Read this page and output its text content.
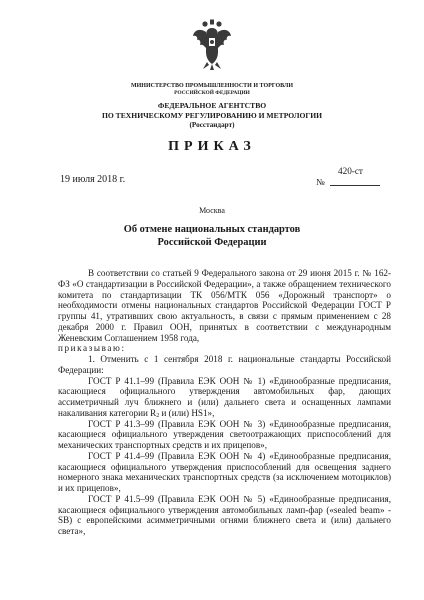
МИНИСТЕРСТВО ПРОМЫШЛЕННОСТИ И ТОРГОВЛИ
РОССИЙСКОЙ ФЕДЕРАЦИИ
ФЕДЕРАЛЬНОЕ АГЕНТСТВО
ПО ТЕХНИЧЕСКОМУ РЕГУЛИРОВАНИЮ И МЕТРОЛОГИИ
(Росстандарт)
ПРИКАЗ
19 июля 2018 г.
420-ст
№
Москва
Об отмене национальных стандартов
Российской Федерации

В соответствии со статьей 9 Федерального закона от 29 июня 2015 г. № 162-ФЗ «О стандартизации в Российской Федерации», а также обращением технического комитета по стандартизации ТК 056/МТК 056 «Дорожный транспорт» о необходимости отмены национальных стандартов Российской Федерации ГОСТ Р группы 41, утративших свою актуальность, в связи с прямым применением с 28 декабря 2000 г. Правил ООН, принятых в соответствии с международным Женевским Соглашением 1958 года,

приказываю:

1. Отменить с 1 сентября 2018 г. национальные стандарты Российской Федерации:

ГОСТ Р 41.1–99 (Правила ЕЭК ООН № 1) «Единообразные предписания, касающиеся официального утверждения автомобильных фар, дающих ассиметричный луч ближнего и (или) дальнего света и оснащенных лампами накаливания категории $R_2$ и (или) HS1»,

ГОСТ Р 41.3–99 (Правила ЕЭК ООН № 3) «Единообразные предписания, касающиеся официального утверждения светоотражающих приспособлений для механических транспортных средств и их прицепов»,

ГОСТ Р 41.4–99 (Правила ЕЭК ООН № 4) «Единообразные предписания, касающиеся официального утверждения приспособлений для освещения заднего номерного знака механических транспортных средств (за исключением мотоциклов) и их прицепов»,

ГОСТ Р 41.5–99 (Правила ЕЭК ООН № 5) «Единообразные предписания, касающиеся официального утверждения автомобильных ламп-фар («sealed beam» - SB) с европейскими асимметричными огнями ближнего света и (или) дальнего света»,
